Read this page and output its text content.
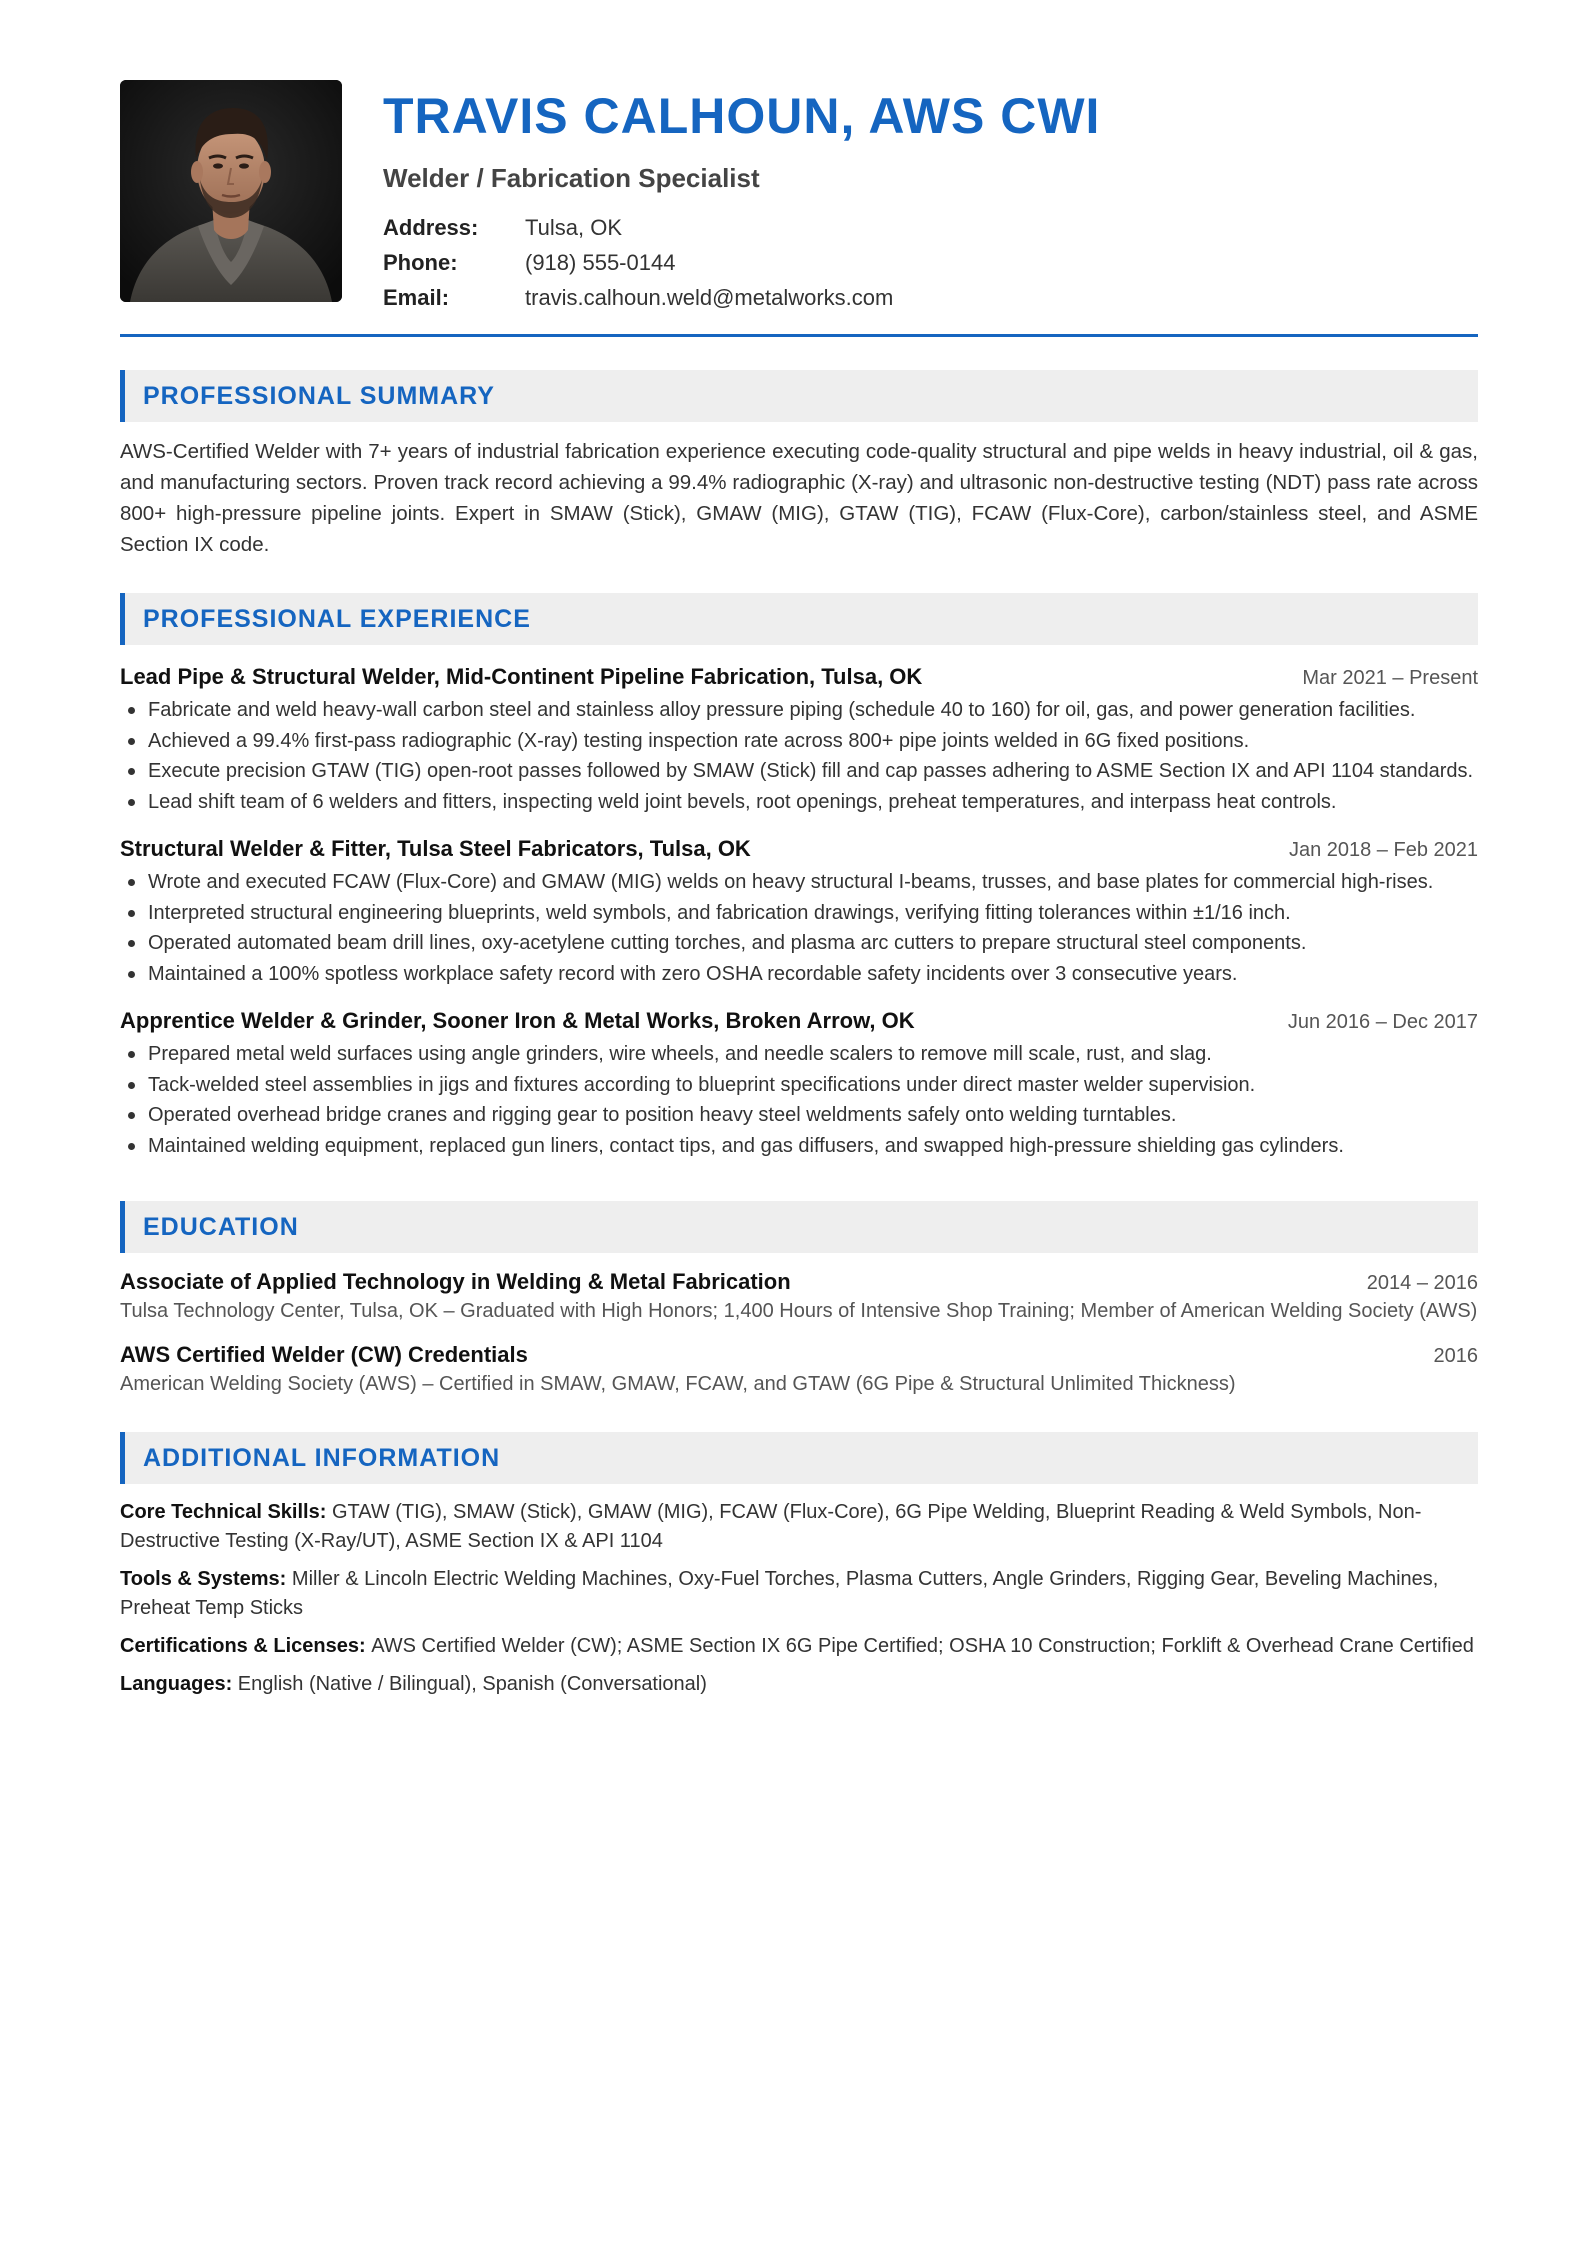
TRAVIS CALHOUN, AWS CWI
Welder / Fabrication Specialist
Address:	Tulsa, OK
Phone:	(918) 555-0144
Email:	travis.calhoun.weld@metalworks.com
PROFESSIONAL SUMMARY

AWS-Certified Welder with 7+ years of industrial fabrication experience executing code-quality structural and pipe welds in heavy industrial, oil & gas, and manufacturing sectors. Proven track record achieving a 99.4% radiographic (X-ray) and ultrasonic non-destructive testing (NDT) pass rate across 800+ high-pressure pipeline joints. Expert in SMAW (Stick), GMAW (MIG), GTAW (TIG), FCAW (Flux-Core), carbon/stainless steel, and ASME Section IX code.

PROFESSIONAL EXPERIENCE
Lead Pipe & Structural Welder, Mid-Continent Pipeline Fabrication, Tulsa, OK	Mar 2021 – Present
Fabricate and weld heavy-wall carbon steel and stainless alloy pressure piping (schedule 40 to 160) for oil, gas, and power generation facilities.
Achieved a 99.4% first-pass radiographic (X-ray) testing inspection rate across 800+ pipe joints welded in 6G fixed positions.
Execute precision GTAW (TIG) open-root passes followed by SMAW (Stick) fill and cap passes adhering to ASME Section IX and API 1104 standards.
Lead shift team of 6 welders and fitters, inspecting weld joint bevels, root openings, preheat temperatures, and interpass heat controls.
Structural Welder & Fitter, Tulsa Steel Fabricators, Tulsa, OK	Jan 2018 – Feb 2021
Wrote and executed FCAW (Flux-Core) and GMAW (MIG) welds on heavy structural I-beams, trusses, and base plates for commercial high-rises.
Interpreted structural engineering blueprints, weld symbols, and fabrication drawings, verifying fitting tolerances within ±1/16 inch.
Operated automated beam drill lines, oxy-acetylene cutting torches, and plasma arc cutters to prepare structural steel components.
Maintained a 100% spotless workplace safety record with zero OSHA recordable safety incidents over 3 consecutive years.
Apprentice Welder & Grinder, Sooner Iron & Metal Works, Broken Arrow, OK	Jun 2016 – Dec 2017
Prepared metal weld surfaces using angle grinders, wire wheels, and needle scalers to remove mill scale, rust, and slag.
Tack-welded steel assemblies in jigs and fixtures according to blueprint specifications under direct master welder supervision.
Operated overhead bridge cranes and rigging gear to position heavy steel weldments safely onto welding turntables.
Maintained welding equipment, replaced gun liners, contact tips, and gas diffusers, and swapped high-pressure shielding gas cylinders.
EDUCATION
Associate of Applied Technology in Welding & Metal Fabrication	2014 – 2016
Tulsa Technology Center, Tulsa, OK – Graduated with High Honors; 1,400 Hours of Intensive Shop Training; Member of American Welding Society (AWS)
AWS Certified Welder (CW) Credentials	2016
American Welding Society (AWS) – Certified in SMAW, GMAW, FCAW, and GTAW (6G Pipe & Structural Unlimited Thickness)
ADDITIONAL INFORMATION
Core Technical Skills: GTAW (TIG), SMAW (Stick), GMAW (MIG), FCAW (Flux-Core), 6G Pipe Welding, Blueprint Reading & Weld Symbols, Non-Destructive Testing (X-Ray/UT), ASME Section IX & API 1104
Tools & Systems: Miller & Lincoln Electric Welding Machines, Oxy-Fuel Torches, Plasma Cutters, Angle Grinders, Rigging Gear, Beveling Machines, Preheat Temp Sticks
Certifications & Licenses: AWS Certified Welder (CW); ASME Section IX 6G Pipe Certified; OSHA 10 Construction; Forklift & Overhead Crane Certified
Languages: English (Native / Bilingual), Spanish (Conversational)
